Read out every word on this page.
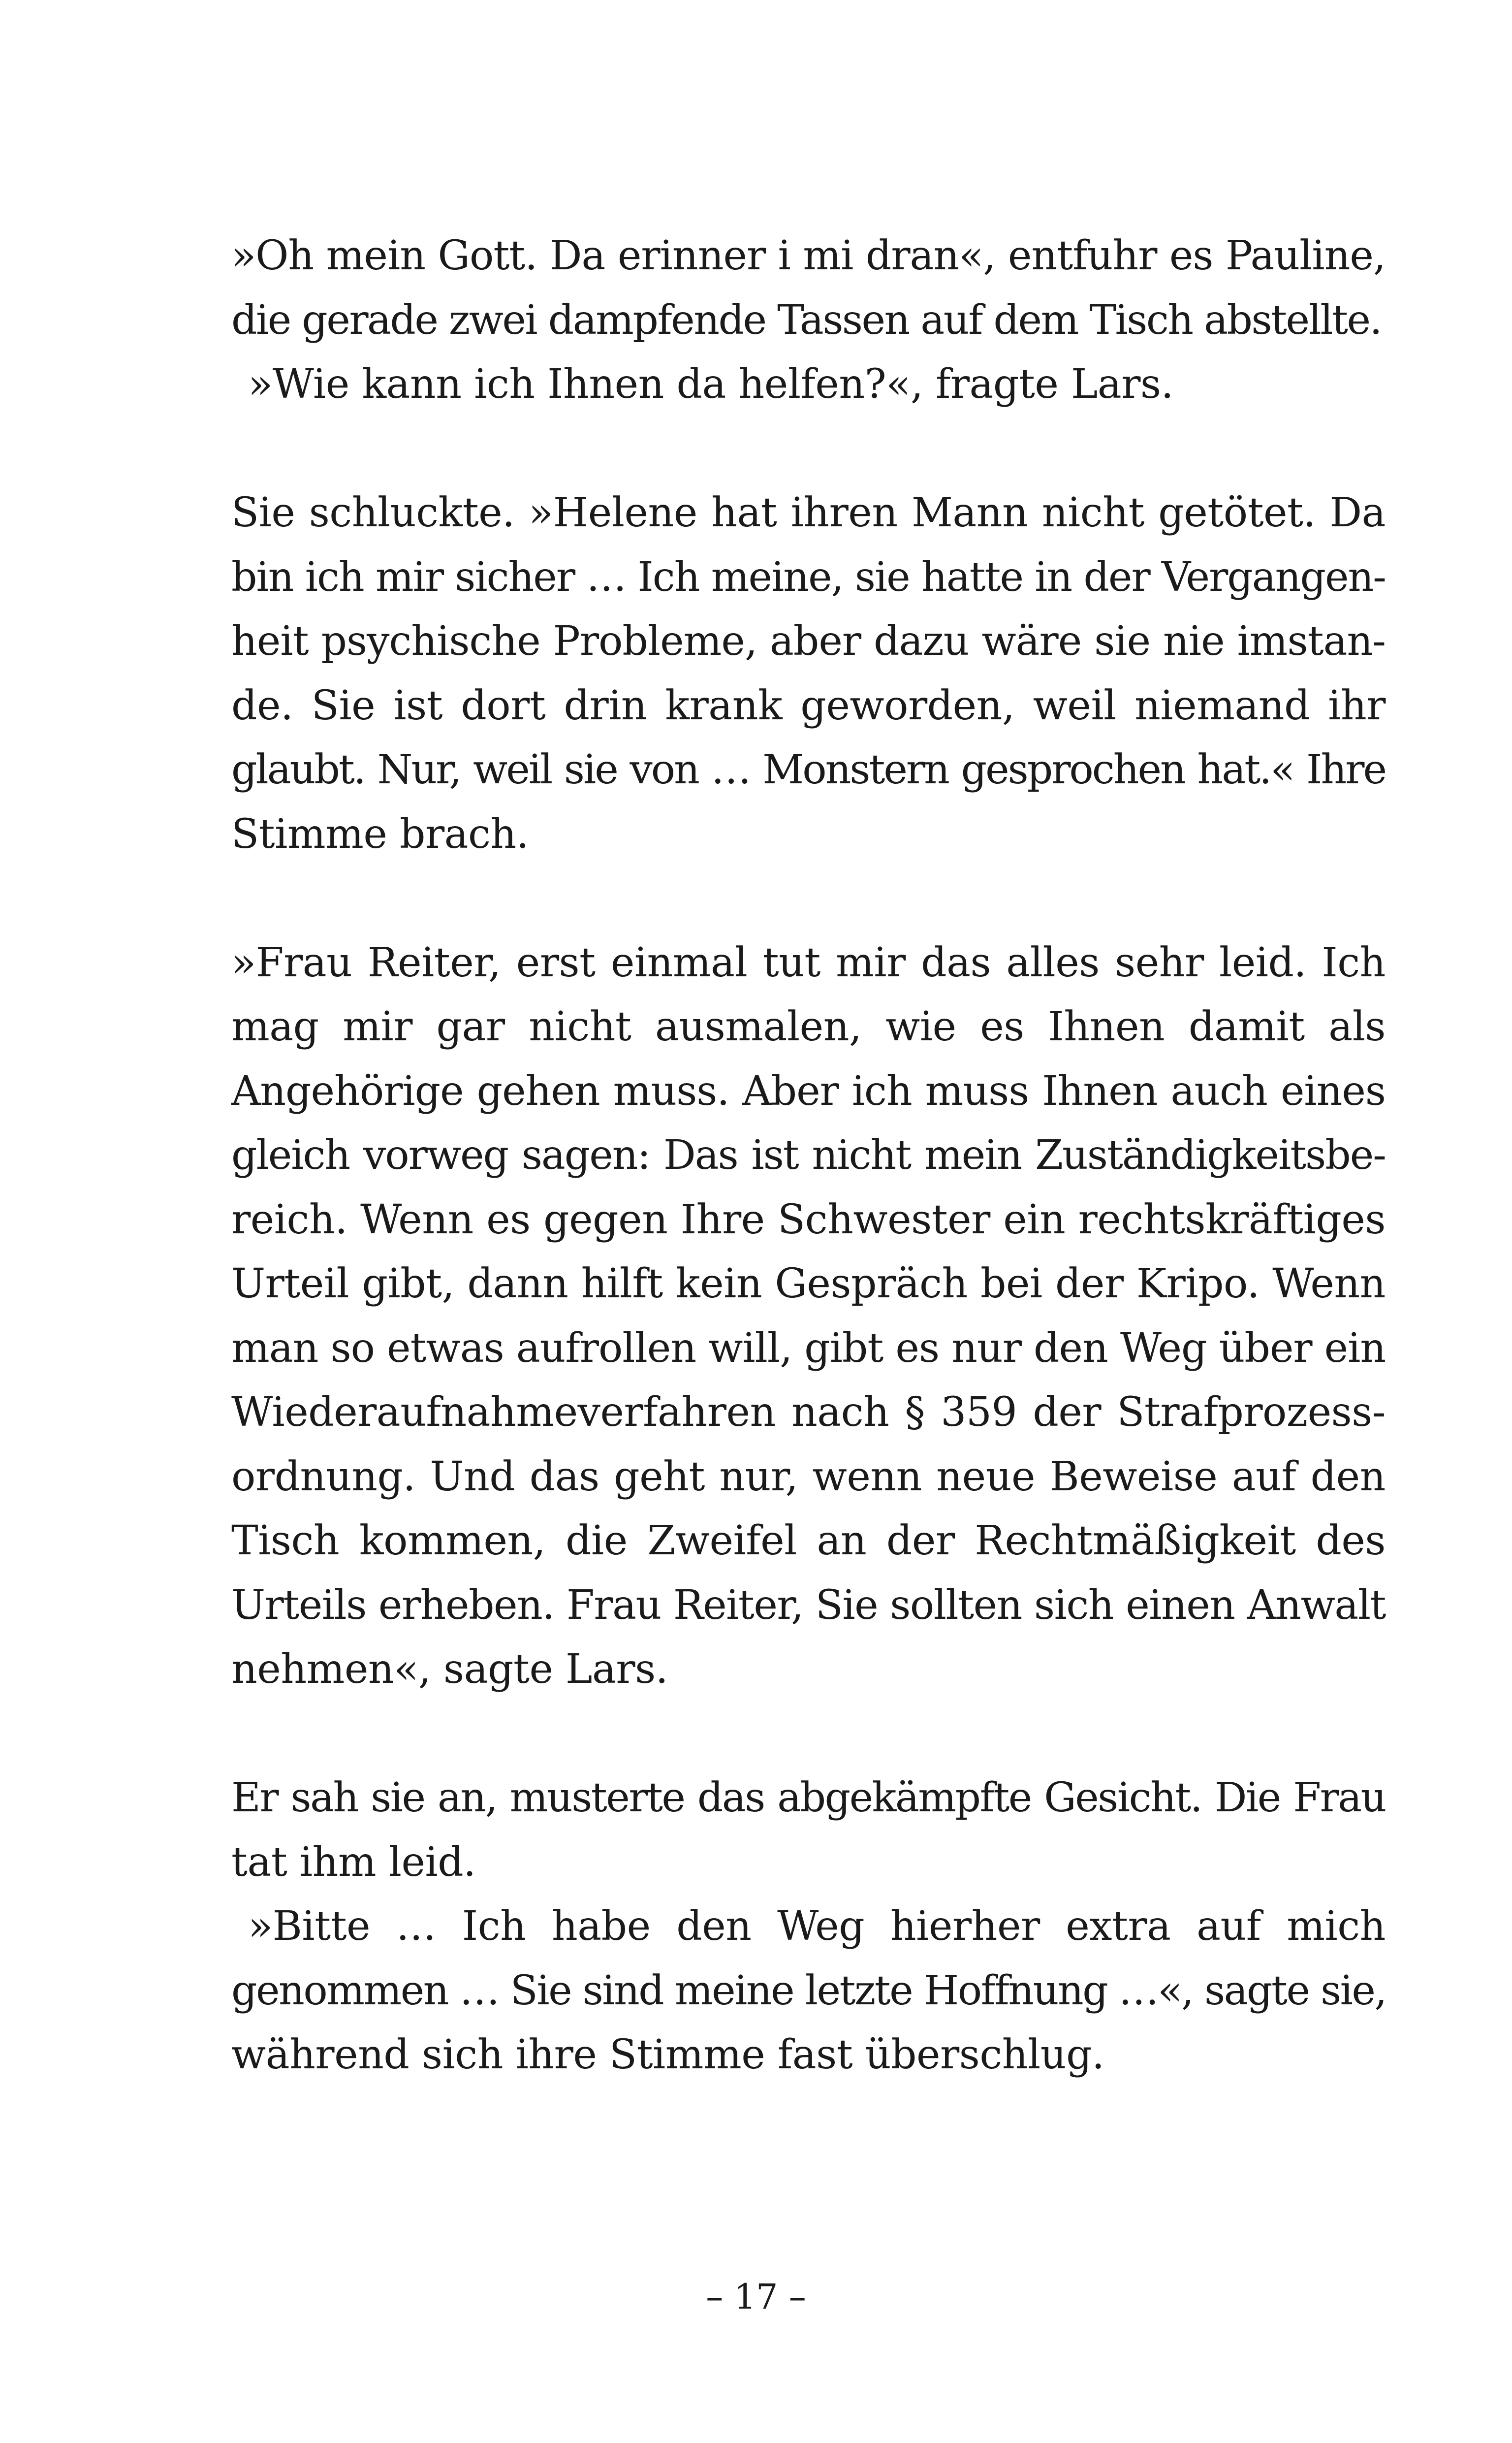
»Oh mein Gott. Da erinner i mi dran«, entfuhr es Pauline,
die gerade zwei dampfende Tassen auf dem Tisch abstellte.
»Wie kann ich Ihnen da helfen?«, fragte Lars.
Sie schluckte. »Helene hat ihren Mann nicht getötet. Da
bin ich mir sicher … Ich meine, sie hatte in der Vergangen-
heit psychische Probleme, aber dazu wäre sie nie imstan-
de. Sie ist dort drin krank geworden, weil niemand ihr
glaubt. Nur, weil sie von … Monstern gesprochen hat.« Ihre
Stimme brach.
»Frau Reiter, erst einmal tut mir das alles sehr leid. Ich
mag mir gar nicht ausmalen, wie es Ihnen damit als
Angehörige gehen muss. Aber ich muss Ihnen auch eines
gleich vorweg sagen: Das ist nicht mein Zuständigkeitsbe-
reich. Wenn es gegen Ihre Schwester ein rechtskräftiges
Urteil gibt, dann hilft kein Gespräch bei der Kripo. Wenn
man so etwas aufrollen will, gibt es nur den Weg über ein
Wiederaufnahmeverfahren nach § 359 der Strafprozess-
ordnung. Und das geht nur, wenn neue Beweise auf den
Tisch kommen, die Zweifel an der Rechtmäßigkeit des
Urteils erheben. Frau Reiter, Sie sollten sich einen Anwalt
nehmen«, sagte Lars.
Er sah sie an, musterte das abgekämpfte Gesicht. Die Frau
tat ihm leid.
»Bitte … Ich habe den Weg hierher extra auf mich
genommen … Sie sind meine letzte Hoffnung …«, sagte sie,
während sich ihre Stimme fast überschlug.
– 17 –
